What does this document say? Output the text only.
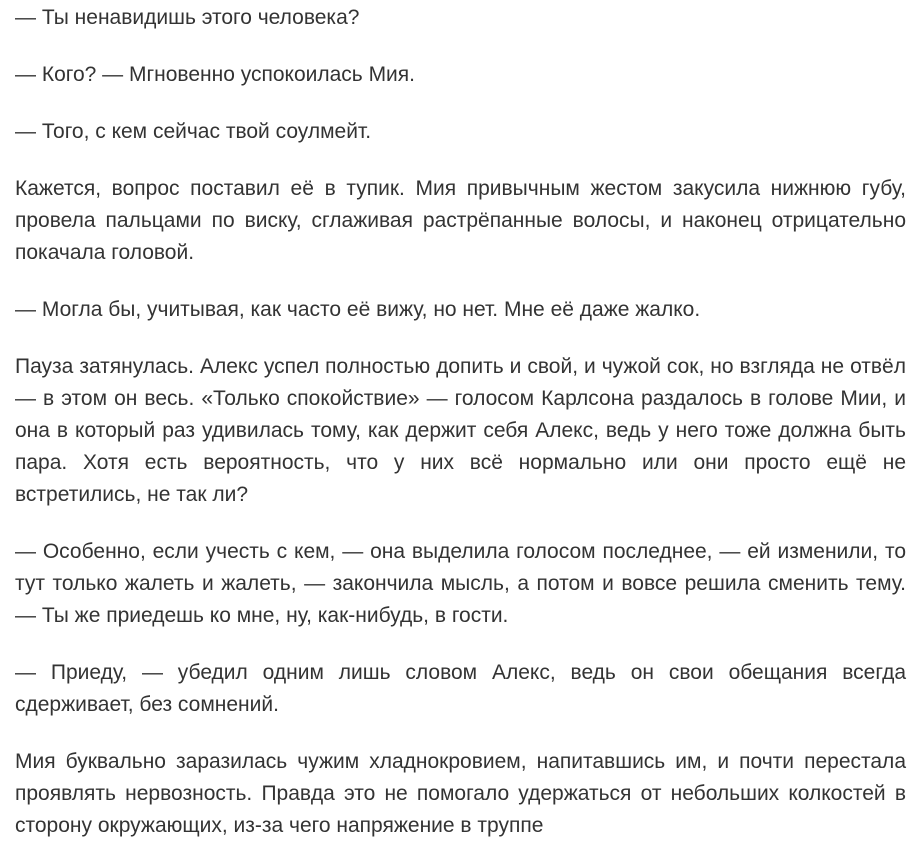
— Ты ненавидишь этого человека?

— Кого? — Мгновенно успокоилась Мия.

— Того, с кем сейчас твой соулмейт.

Кажется, вопрос поставил её в тупик. Мия привычным жестом закусила нижнюю губу, провела пальцами по виску, сглаживая растрёпанные волосы, и наконец отрицательно покачала головой.

— Могла бы, учитывая, как часто её вижу, но нет. Мне её даже жалко.

Пауза затянулась. Алекс успел полностью допить и свой, и чужой сок, но взгляда не отвёл — в этом он весь. «Только спокойствие» — голосом Карлсона раздалось в голове Мии, и она в который раз удивилась тому, как держит себя Алекс, ведь у него тоже должна быть пара. Хотя есть вероятность, что у них всё нормально или они просто ещё не встретились, не так ли?

— Особенно, если учесть с кем, — она выделила голосом последнее, — ей изменили, то тут только жалеть и жалеть, — закончила мысль, а потом и вовсе решила сменить тему. — Ты же приедешь ко мне, ну, как-нибудь, в гости.

— Приеду, — убедил одним лишь словом Алекс, ведь он свои обещания всегда сдерживает, без сомнений.

Мия буквально заразилась чужим хладнокровием, напитавшись им, и почти перестала проявлять нервозность. Правда это не помогало удержаться от небольших колкостей в сторону окружающих, из-за чего напряжение в труппе
